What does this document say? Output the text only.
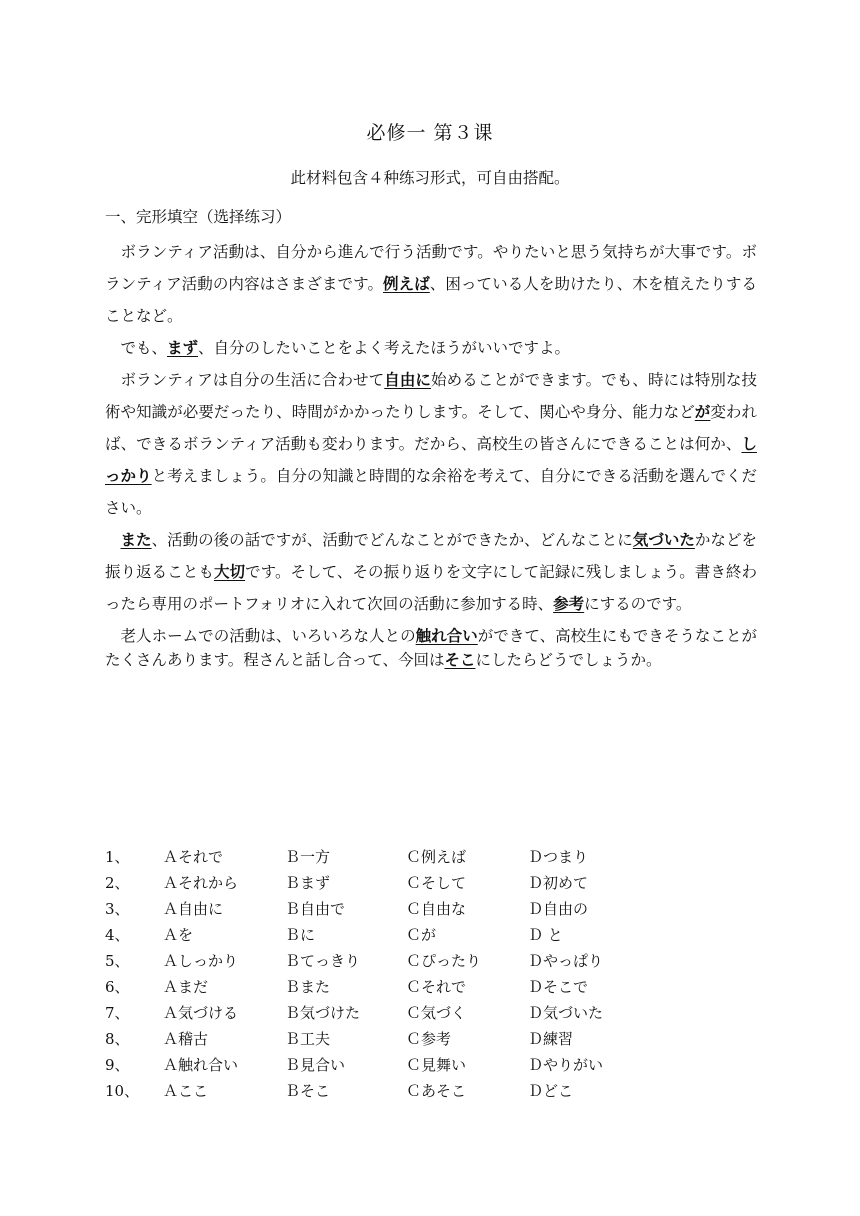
必修一 第３课
此材料包含４种练习形式，可自由搭配。
一、完形填空（选择练习）

ボランティア活動は、自分から進んで行う活動です。やりたいと思う気持ちが大事です。ボランティア活動の内容はさまざまです。例えば、困っている人を助けたり、木を植えたりすることなど。

でも、まず、自分のしたいことをよく考えたほうがいいですよ。

ボランティアは自分の生活に合わせて自由に始めることができます。でも、時には特別な技術や知識が必要だったり、時間がかかったりします。そして、関心や身分、能力などが変われば、できるボランティア活動も変わります。だから、高校生の皆さんにできることは何か、しっかりと考えましょう。自分の知識と時間的な余裕を考えて、自分にできる活動を選んでください。

また、活動の後の話ですが、活動でどんなことができたか、どんなことに気づいたかなどを振り返ることも大切です。そして、その振り返りを文字にして記録に残しましょう。書き終わったら専用のポートフォリオに入れて次回の活動に参加する時、参考にするのです。

老人ホームでの活動は、いろいろな人との触れ合いができて、高校生にもできそうなことがたくさんあります。程さんと話し合って、今回はそこにしたらどうでしょうか。

1、 Ａそれで	Ｂ一方	Ｃ例えば	Ｄつまり
2、 Ａそれから	Ｂまず	Ｃそして	Ｄ初めて
3、 Ａ自由に	Ｂ自由で	Ｃ自由な	Ｄ自由の
4、 Ａを	Ｂに	Ｃが	Ｄ と
5、 Ａしっかり	Ｂてっきり	Ｃぴったり	Ｄやっぱり
6、 Ａまだ	Ｂまた	Ｃそれで	Ｄそこで
7、 Ａ気づける	Ｂ気づけた	Ｃ気づく	Ｄ気づいた
8、 Ａ稽古	Ｂ工夫	Ｃ参考	Ｄ練習
9、 Ａ触れ合い	Ｂ見合い	Ｃ見舞い	Ｄやりがい
10、 Ａここ	Ｂそこ	Ｃあそこ	Ｄどこ
